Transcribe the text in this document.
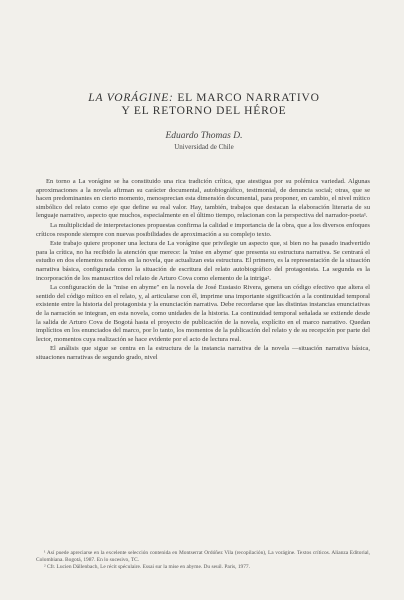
LA VORÁGINE: EL MARCO NARRATIVO
Y EL RETORNO DEL HÉROE
Eduardo Thomas D.
Universidad de Chile

En torno a La vorágine se ha constituido una rica tradición crítica, que atestigua por su polémica variedad. Algunas aproximaciones a la novela afirman su carácter documental, autobiográfico, testimonial, de denuncia social; otras, que se hacen predominantes en cierto momento, menosprecian esta dimensión documental, para proponer, en cambio, el nivel mítico simbólico del relato como eje que define su real valor. Hay, también, trabajos que destacan la elaboración literaria de su lenguaje narrativo, aspecto que muchos, especialmente en el último tiempo, relacionan con la perspectiva del narrador-poeta¹.

La multiplicidad de interpretaciones propuestas confirma la calidad e importancia de la obra, que a los diversos enfoques críticos responde siempre con nuevas posibilidades de aproximación a su complejo texto.

Este trabajo quiere proponer una lectura de La vorágine que privilegie un aspecto que, si bien no ha pasado inadvertido para la crítica, no ha recibido la atención que merece: la 'mise en abyme' que presenta su estructura narrativa. Se centrará el estudio en dos elementos notables en la novela, que actualizan esta estructura. El primero, es la representación de la situación narrativa básica, configurada como la situación de escritura del relato autobiográfico del protagonista. La segunda es la incorporación de los manuscritos del relato de Arturo Cova como elemento de la intriga².

La configuración de la "mise en abyme" en la novela de José Eustasio Rivera, genera un código efectivo que altera el sentido del código mítico en el relato, y, al articularse con él, imprime una importante significación a la continuidad temporal existente entre la historia del protagonista y la enunciación narrativa. Debe recordarse que las distintas instancias enunciativas de la narración se integran, en esta novela, como unidades de la historia. La continuidad temporal señalada se extiende desde la salida de Arturo Cova de Bogotá hasta el proyecto de publicación de la novela, explícito en el marco narrativo. Quedan implícitos en los enunciados del marco, por lo tanto, los momentos de la publicación del relato y de su recepción por parte del lector, momentos cuya realización se hace evidente por el acto de lectura real.

El análisis que sigue se centra en la estructura de la instancia narrativa de la novela —situación narrativa básica, situaciones narrativas de segundo grado, nivel

¹ Así puede apreciarse en la excelente selección contenida en Montserrat Ordóñez Vila (recopilación), La vorágine. Textos críticos. Alianza Editorial, Colombiana. Bogotá, 1987. En lo sucesivo, TC.

² Cfr. Lucien Dällenbach, Le récit spéculaire. Essai sur la mise en abyme. Du seuil. Paris, 1977.
